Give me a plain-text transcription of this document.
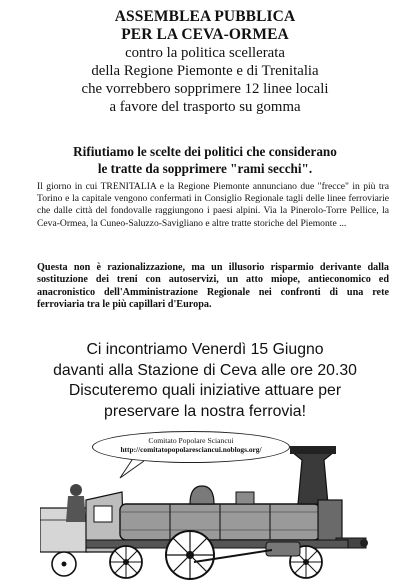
ASSEMBLEA PUBBLICA
PER LA CEVA-ORMEA
contro la politica scellerata
della Regione Piemonte e di Trenitalia
che vorrebbero sopprimere 12 linee locali
a favore del trasporto su gomma
Rifiutiamo le scelte dei politici che considerano
le tratte da sopprimere "rami secchi".
Il giorno in cui TRENITALIA e la Regione Piemonte annunciano due "frecce" in più tra Torino e la capitale vengono confermati in Consiglio Regionale tagli delle linee ferroviarie che dalle città del fondovalle raggiungono i paesi alpini. Via la Pinerolo-Torre Pellice, la Ceva-Ormea, la Cuneo-Saluzzo-Savigliano e altre tratte storiche del Piemonte ...
Questa non è razionalizzazione, ma un illusorio risparmio derivante dalla sostituzione dei treni con autoservizi, un atto miope, antieconomico ed anacronistico dell'Amministrazione Regionale nei confronti di una rete ferroviaria tra le più capillari d'Europa.
Ci incontriamo Venerdì 15 Giugno
davanti alla Stazione di Ceva alle ore 20.30
Discuteremo quali iniziative attuare per
preservare la nostra ferrovia!
Comitato Popolare Sciancui
http://comitatopopolaresciancui.noblogs.org/
